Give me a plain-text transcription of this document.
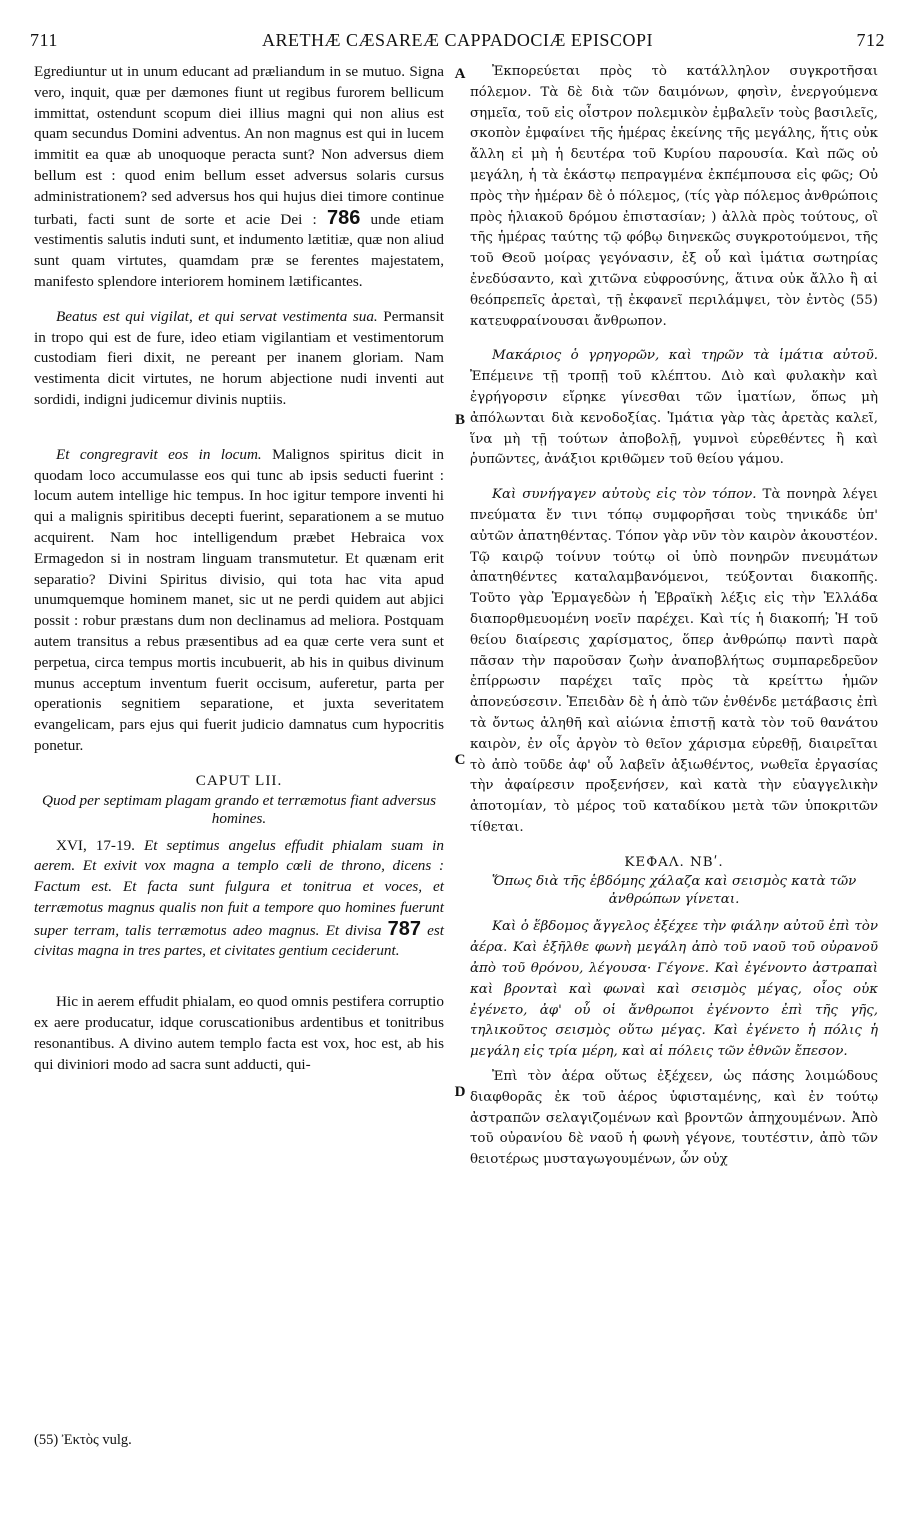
711	ARETHÆ CÆSAREÆ CAPPADOCIÆ EPISCOPI	712
A
B
C
D

Egrediuntur ut in unum educant ad præliandum in se mutuo. Signa vero, inquit, quæ per dæmones fiunt ut regibus furorem bellicum immittat, ostendunt scopum diei illius magni qui non alius est quam secundus Domini adventus. An non magnus est qui in lucem immitit ea quæ ab unoquoque peracta sunt? Non adversus diem bellum est : quod enim bellum esset adversus solaris cursus administrationem? sed adversus hos qui hujus diei timore continue turbati, facti sunt de sorte et acie Dei : 786 unde etiam vestimentis salutis induti sunt, et indumento lætitiæ, quæ non aliud sunt quam virtutes, quamdam præ se ferentes majestatem, manifesto splendore interiorem hominem lætificantes.

Beatus est qui vigilat, et qui servat vestimenta sua. Permansit in tropo qui est de fure, ideo etiam vigilantiam et vestimentorum custodiam fieri dixit, ne pereant per inanem gloriam. Nam vestimenta dicit virtutes, ne horum abjectione nudi inventi aut sordidi, indigni judicemur divinis nuptiis.

Et congregravit eos in locum. Malignos spiritus dicit in quodam loco accumulasse eos qui tunc ab ipsis seducti fuerint : locum autem intellige hic tempus. In hoc igitur tempore inventi hi qui a malignis spiritibus decepti fuerint, separationem a se mutuo acquirent. Nam hoc intelligendum præbet Hebraica vox Ermagedon si in nostram linguam transmutetur. Et quænam erit separatio? Divini Spiritus divisio, qui tota hac vita apud unumquemque hominem manet, sic ut ne perdi quidem aut abjici possit : robur præstans dum non declinamus ad meliora. Postquam autem transitus a rebus præsentibus ad ea quæ certe vera sunt et perpetua, circa tempus mortis incubuerit, ab his in quibus divinum munus acceptum inventum fuerit occisum, auferetur, parta per operationis segnitiem separatione, et juxta severitatem evangelicam, pars ejus qui fuerit judicio damnatus cum hypocritis ponetur.

CAPUT LII.

Quod per septimam plagam grando et terræmotus fiant adversus homines.

XVI, 17-19. Et septimus angelus effudit phialam suam in aerem. Et exivit vox magna a templo cœli de throno, dicens : Factum est. Et facta sunt fulgura et tonitrua et voces, et terræmotus magnus qualis non fuit a tempore quo homines fuerunt super terram, talis terræmotus adeo magnus. Et divisa 787 est civitas magna in tres partes, et civitates gentium ceciderunt.

Hic in aerem effudit phialam, eo quod omnis pestifera corruptio ex aere producatur, idque coruscationibus ardentibus et tonitribus resonantibus. A divino autem templo facta est vox, hoc est, ab his qui diviniori modo ad sacra sunt adducti, qui-

Ἐκπορεύεται πρὸς τὸ κατάλληλον συγκροτῆσαι πόλεμον. Τὰ δὲ διὰ τῶν δαιμόνων, φησὶν, ἐνεργούμενα σημεῖα, τοῦ εἰς οἶστρον πολεμικὸν ἐμβαλεῖν τοὺς βασιλεῖς, σκοπὸν ἐμφαίνει τῆς ἡμέρας ἐκείνης τῆς μεγάλης, ἥτις οὐκ ἄλλη εἰ μὴ ἡ δευτέρα τοῦ Κυρίου παρουσία. Καὶ πῶς οὐ μεγάλη, ἡ τὰ ἑκάστῳ πεπραγμένα ἐκπέμπουσα εἰς φῶς; Οὐ πρὸς τὴν ἡμέραν δὲ ὁ πόλεμος, (τίς γὰρ πόλεμος ἀνθρώποις πρὸς ἡλιακοῦ δρόμου ἐπιστασίαν; ) ἀλλὰ πρὸς τούτους, οἳ τῆς ἡμέρας ταύτης τῷ φόβῳ διηνεκῶς συγκροτούμενοι, τῆς τοῦ Θεοῦ μοίρας γεγόνασιν, ἐξ οὗ καὶ ἱμάτια σωτηρίας ἐνεδύσαντο, καὶ χιτῶνα εὐφροσύνης, ἅτινα οὐκ ἄλλο ἢ αἱ θεόπρεπεῖς ἀρεταὶ, τῇ ἐκφανεῖ περιλάμψει, τὸν ἐντὸς (55) κατευφραίνουσαι ἄνθρωπον.

Μακάριος ὁ γρηγορῶν, καὶ τηρῶν τὰ ἱμάτια αὐτοῦ. Ἐπέμεινε τῇ τροπῇ τοῦ κλέπτου. Διὸ καὶ φυλακὴν καὶ ἐγρήγορσιν εἴρηκε γίνεσθαι τῶν ἱματίων, ὅπως μὴ ἀπόλωνται διὰ κενοδοξίας. Ἱμάτια γὰρ τὰς ἀρετὰς καλεῖ, ἵνα μὴ τῇ τούτων ἀποβολῇ, γυμνοὶ εὑρεθέντες ἢ καὶ ῥυπῶντες, ἀνάξιοι κριθῶμεν τοῦ θείου γάμου.

Καὶ συνήγαγεν αὐτοὺς εἰς τὸν τόπον. Τὰ πονηρὰ λέγει πνεύματα ἔν τινι τόπῳ συμφορῆσαι τοὺς τηνικάδε ὑπ' αὐτῶν ἀπατηθέντας. Τόπον γὰρ νῦν τὸν καιρὸν ἀκουστέον. Τῷ καιρῷ τοίνυν τούτῳ οἱ ὑπὸ πονηρῶν πνευμάτων ἀπατηθέντες καταλαμβανόμενοι, τεύξονται διακοπῆς. Τοῦτο γὰρ Ἑρμαγεδὼν ἡ Ἑβραϊκὴ λέξις εἰς τὴν Ἑλλάδα διαπορθμευομένη νοεῖν παρέχει. Καὶ τίς ἡ διακοπή; Ἡ τοῦ θείου διαίρεσις χαρίσματος, ὅπερ ἀνθρώπῳ παντὶ παρὰ πᾶσαν τὴν παροῦσαν ζωὴν ἀναποβλήτως συμπαρεδρεῦον ἐπίρρωσιν παρέχει ταῖς πρὸς τὰ κρείττω ἡμῶν ἀπονεύσεσιν. Ἐπειδὰν δὲ ἡ ἀπὸ τῶν ἐνθένδε μετάβασις ἐπὶ τὰ ὄντως ἀληθῆ καὶ αἰώνια ἐπιστῇ κατὰ τὸν τοῦ θανάτου καιρὸν, ἐν οἷς ἀργὸν τὸ θεῖον χάρισμα εὑρεθῇ, διαιρεῖται τὸ ἀπὸ τοῦδε ἀφ' οὗ λαβεῖν ἀξιωθέντος, νωθεῖα ἐργασίας τὴν ἀφαίρεσιν προξενήσεν, καὶ κατὰ τὴν εὐαγγελικὴν ἀποτομίαν, τὸ μέρος τοῦ καταδίκου μετὰ τῶν ὑποκριτῶν τίθεται.

ΚΕΦΑΛ. ΝΒʹ.

Ὅπως διὰ τῆς ἑβδόμης χάλαζα καὶ σεισμὸς κατὰ τῶν ἀνθρώπων γίνεται.

Καὶ ὁ ἕβδομος ἄγγελος ἐξέχεε τὴν φιάλην αὐτοῦ ἐπὶ τὸν ἀέρα. Καὶ ἐξῆλθε φωνὴ μεγάλη ἀπὸ τοῦ ναοῦ τοῦ οὐρανοῦ ἀπὸ τοῦ θρόνου, λέγουσα· Γέγονε. Καὶ ἐγένοντο ἀστραπαὶ καὶ βρονταὶ καὶ φωναὶ καὶ σεισμὸς μέγας, οἷος οὐκ ἐγένετο, ἀφ' οὗ οἱ ἄνθρωποι ἐγένοντο ἐπὶ τῆς γῆς, τηλικοῦτος σεισμὸς οὕτω μέγας. Καὶ ἐγένετο ἡ πόλις ἡ μεγάλη εἰς τρία μέρη, καὶ αἱ πόλεις τῶν ἐθνῶν ἔπεσον.

Ἐπὶ τὸν ἀέρα οὕτως ἐξέχεεν, ὡς πάσης λοιμώδους διαφθορᾶς ἐκ τοῦ ἀέρος ὑφισταμένης, καὶ ἐν τούτῳ ἀστραπῶν σελαγιζομένων καὶ βροντῶν ἀπηχουμένων. Ἀπὸ τοῦ οὐρανίου δὲ ναοῦ ἡ φωνὴ γέγονε, τουτέστιν, ἀπὸ τῶν θειοτέρως μυσταγωγουμένων, ὧν οὐχ

(55) Ἐκτὸς vulg.
